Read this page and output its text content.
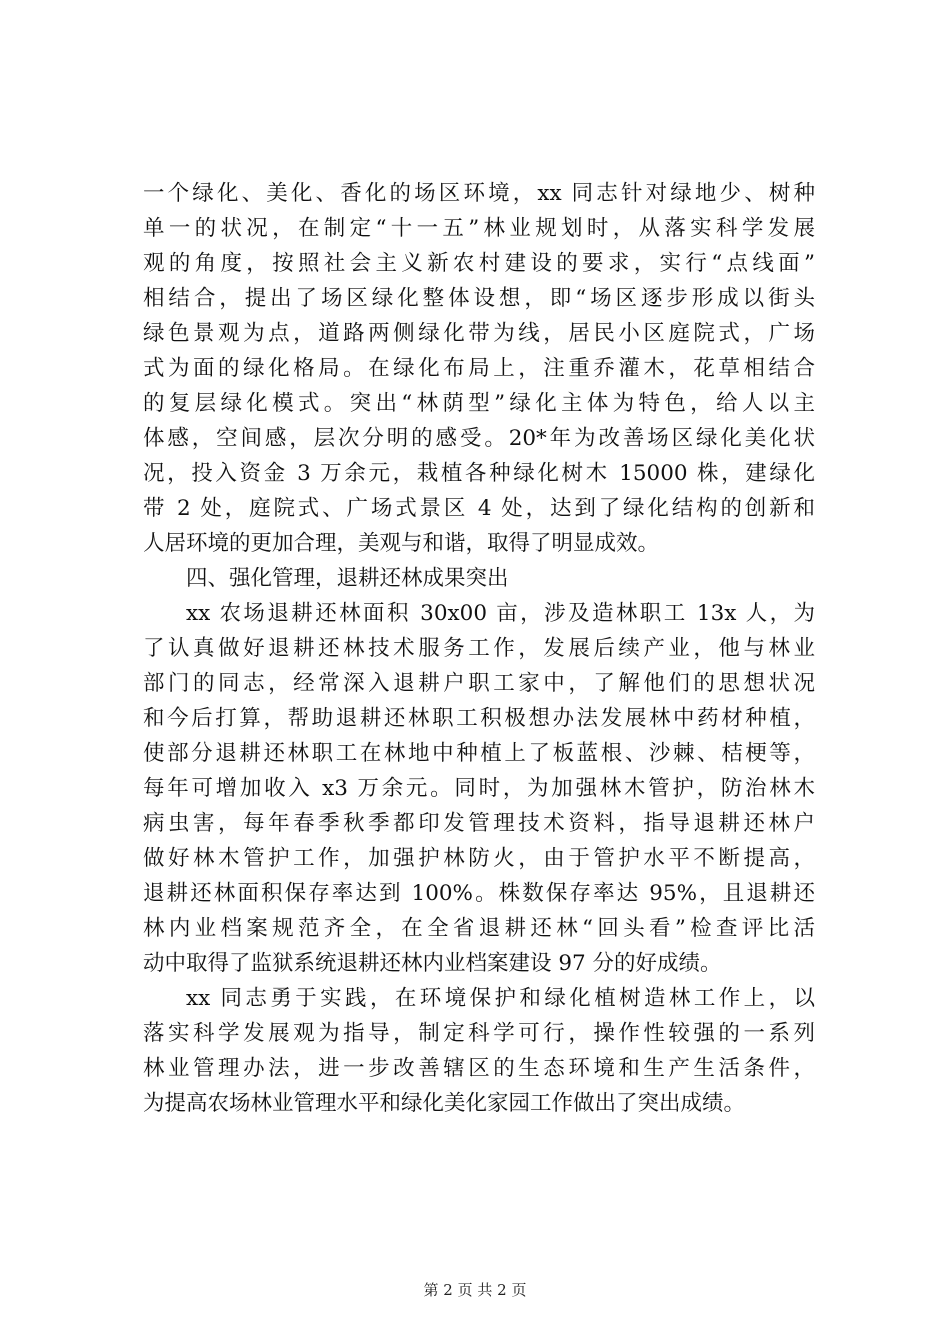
一个绿化、美化、香化的场区环境，xx 同志针对绿地少、树种
单一的状况，在制定“十一五”林业规划时，从落实科学发展
观的角度，按照社会主义新农村建设的要求，实行“点线面”
相结合，提出了场区绿化整体设想，即“场区逐步形成以街头
绿色景观为点，道路两侧绿化带为线，居民小区庭院式，广场
式为面的绿化格局。在绿化布局上，注重乔灌木，花草相结合
的复层绿化模式。突出“林荫型”绿化主体为特色，给人以主
体感，空间感，层次分明的感受。20*年为改善场区绿化美化状
况，投入资金 3 万余元，栽植各种绿化树木 15000 株，建绿化
带 2 处，庭院式、广场式景区 4 处，达到了绿化结构的创新和
人居环境的更加合理，美观与和谐，取得了明显成效。
四、强化管理，退耕还林成果突出
xx 农场退耕还林面积 30x00 亩，涉及造林职工 13x 人，为
了认真做好退耕还林技术服务工作，发展后续产业，他与林业
部门的同志，经常深入退耕户职工家中，了解他们的思想状况
和今后打算，帮助退耕还林职工积极想办法发展林中药材种植，
使部分退耕还林职工在林地中种植上了板蓝根、沙棘、桔梗等，
每年可增加收入 x3 万余元。同时，为加强林木管护，防治林木
病虫害，每年春季秋季都印发管理技术资料，指导退耕还林户
做好林木管护工作，加强护林防火，由于管护水平不断提高，
退耕还林面积保存率达到 100%。株数保存率达 95%，且退耕还
林内业档案规范齐全，在全省退耕还林“回头看”检查评比活
动中取得了监狱系统退耕还林内业档案建设 97 分的好成绩。
xx 同志勇于实践，在环境保护和绿化植树造林工作上，以
落实科学发展观为指导，制定科学可行，操作性较强的一系列
林业管理办法，进一步改善辖区的生态环境和生产生活条件，
为提高农场林业管理水平和绿化美化家园工作做出了突出成绩。
第 2 页 共 2 页
